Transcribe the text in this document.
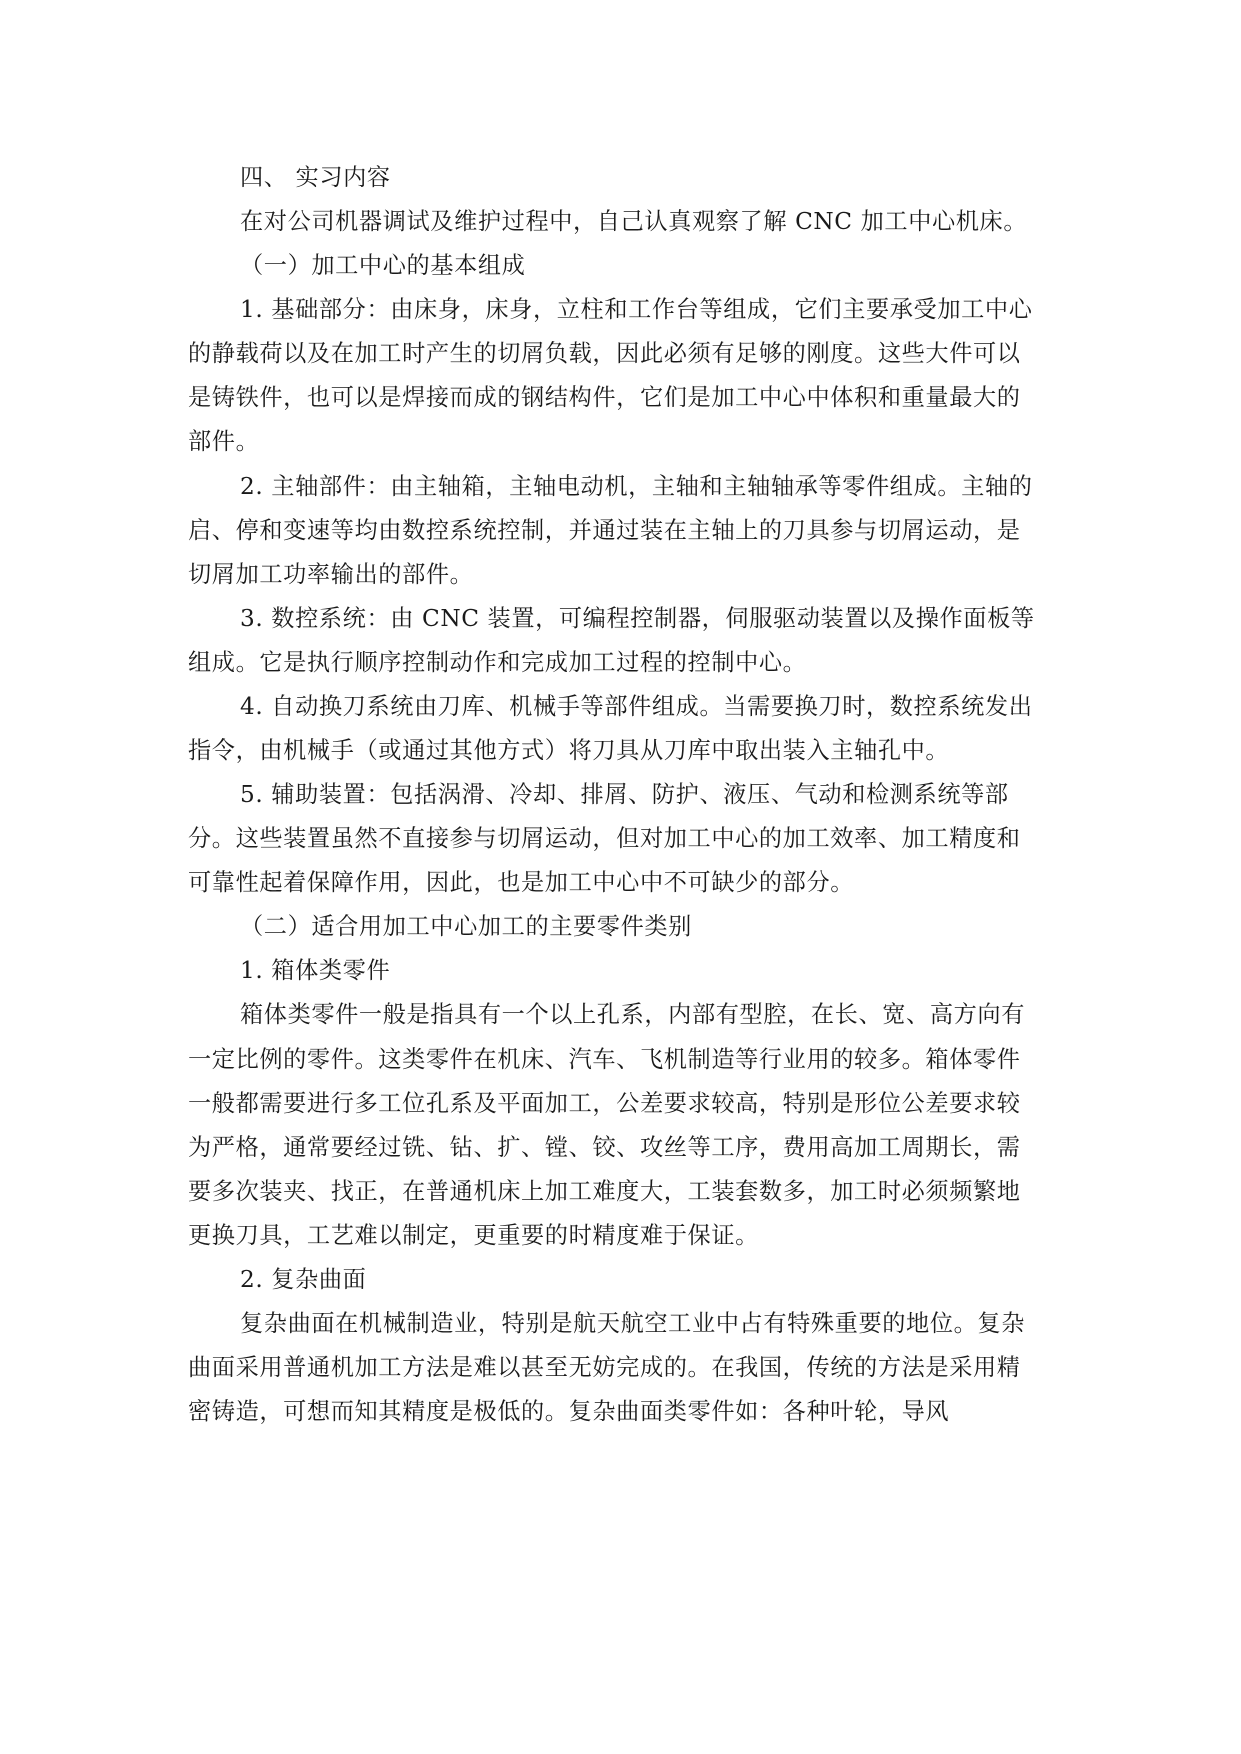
四、 实习内容

在对公司机器调试及维护过程中，自己认真观察了解 CNC 加工中心机床。

（一）加工中心的基本组成

1. 基础部分：由床身，床身，立柱和工作台等组成，它们主要承受加工中心的静载荷以及在加工时产生的切屑负载，因此必须有足够的刚度。这些大件可以是铸铁件，也可以是焊接而成的钢结构件，它们是加工中心中体积和重量最大的部件。

2. 主轴部件：由主轴箱，主轴电动机，主轴和主轴轴承等零件组成。主轴的启、停和变速等均由数控系统控制，并通过装在主轴上的刀具参与切屑运动，是切屑加工功率输出的部件。

3. 数控系统：由 CNC 装置，可编程控制器，伺服驱动装置以及操作面板等组成。它是执行顺序控制动作和完成加工过程的控制中心。

4. 自动换刀系统由刀库、机械手等部件组成。当需要换刀时，数控系统发出指令，由机械手（或通过其他方式）将刀具从刀库中取出装入主轴孔中。

5. 辅助装置：包括涡滑、冷却、排屑、防护、液压、气动和检测系统等部分。这些装置虽然不直接参与切屑运动，但对加工中心的加工效率、加工精度和可靠性起着保障作用，因此，也是加工中心中不可缺少的部分。

（二）适合用加工中心加工的主要零件类别

1. 箱体类零件

箱体类零件一般是指具有一个以上孔系，内部有型腔，在长、宽、高方向有一定比例的零件。这类零件在机床、汽车、飞机制造等行业用的较多。箱体零件一般都需要进行多工位孔系及平面加工，公差要求较高，特别是形位公差要求较为严格，通常要经过铣、钻、扩、镗、铰、攻丝等工序，费用高加工周期长，需要多次装夹、找正，在普通机床上加工难度大，工装套数多，加工时必须频繁地更换刀具，工艺难以制定，更重要的时精度难于保证。

2. 复杂曲面

复杂曲面在机械制造业，特别是航天航空工业中占有特殊重要的地位。复杂曲面采用普通机加工方法是难以甚至无妨完成的。在我国，传统的方法是采用精密铸造，可想而知其精度是极低的。复杂曲面类零件如：各种叶轮，导风
